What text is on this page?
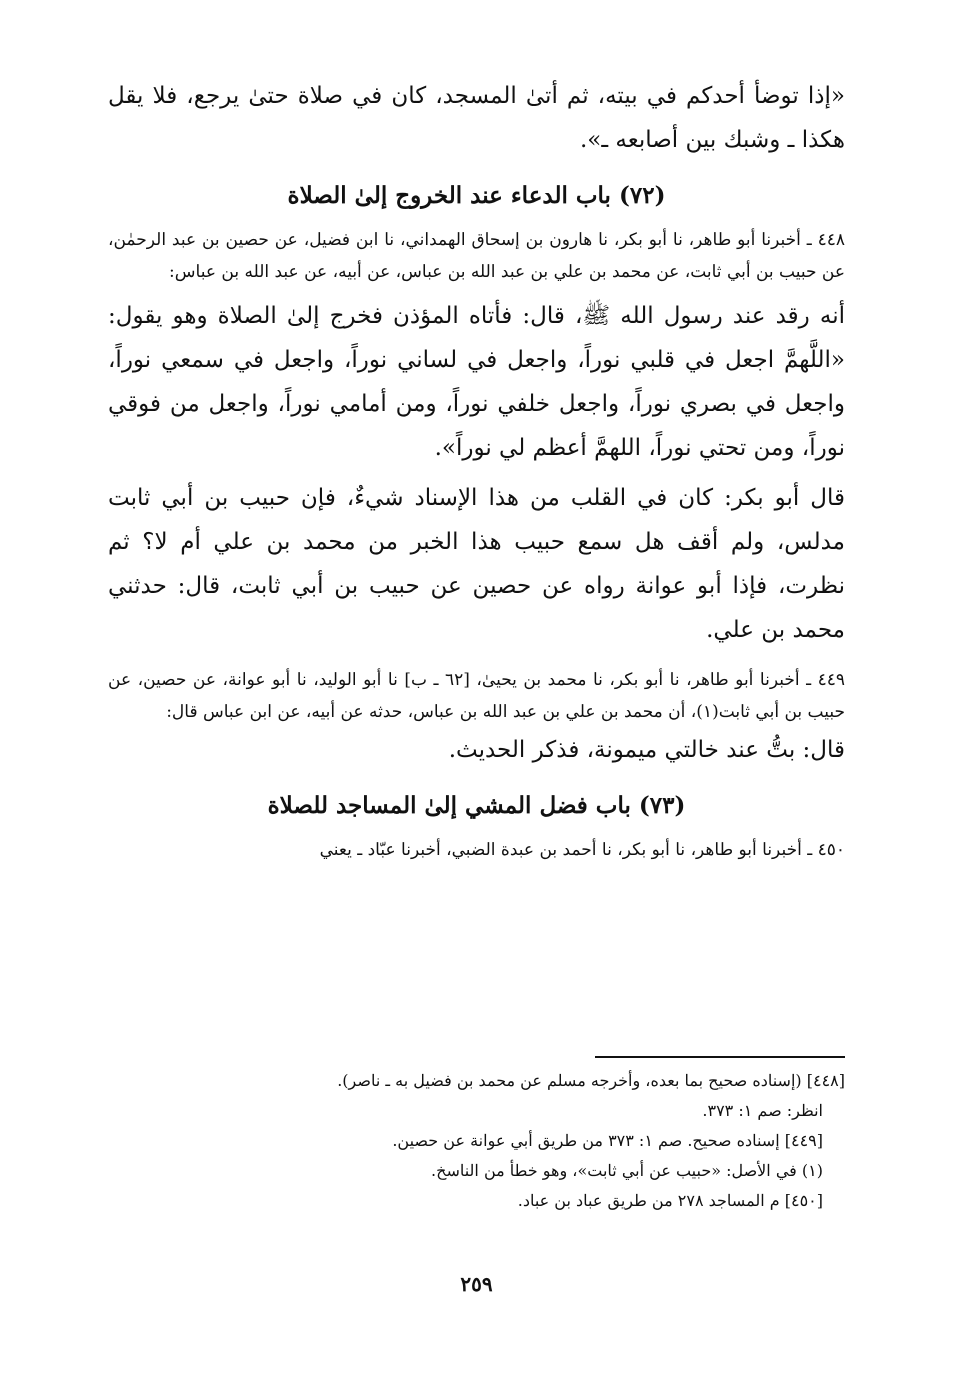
«إذا توضأ أحدكم في بيته، ثم أتىٰ المسجد، كان في صلاة حتىٰ يرجع، فلا يقل هكذا ـ وشبك بين أصابعه ـ».

(٧٢) باب الدعاء عند الخروج إلىٰ الصلاة

٤٤٨ ـ أخبرنا أبو طاهر، نا أبو بكر، نا هارون بن إسحاق الهمداني، نا ابن فضيل، عن حصين بن عبد الرحمٰن، عن حبيب بن أبي ثابت، عن محمد بن علي بن عبد الله بن عباس، عن أبيه، عن عبد الله بن عباس:

أنه رقد عند رسول الله ﷺ، قال: فأتاه المؤذن فخرج إلىٰ الصلاة وهو يقول: «اللَّهمَّ اجعل في قلبي نوراً، واجعل في لساني نوراً، واجعل في سمعي نوراً، واجعل في بصري نوراً، واجعل خلفي نوراً، ومن أمامي نوراً، واجعل من فوقي نوراً، ومن تحتي نوراً، اللهمَّ أعظم لي نوراً».

قال أبو بكر: كان في القلب من هذا الإسناد شيءٌ، فإن حبيب بن أبي ثابت مدلس، ولم أقف هل سمع حبيب هذا الخبر من محمد بن علي أم لا؟ ثم نظرت، فإذا أبو عوانة رواه عن حصين عن حبيب بن أبي ثابت، قال: حدثني محمد بن علي.

٤٤٩ ـ أخبرنا أبو طاهر، نا أبو بكر، نا محمد بن يحيىٰ، [٦٢ ـ ب] نا أبو الوليد، نا أبو عوانة، عن حصين، عن حبيب بن أبي ثابت(١)، أن محمد بن علي بن عبد الله بن عباس، حدثه عن أبيه، عن ابن عباس قال:

قال: بتُّ عند خالتي ميمونة، فذكر الحديث.

(٧٣) باب فضل المشي إلىٰ المساجد للصلاة

٤٥٠ ـ أخبرنا أبو طاهر، نا أبو بكر، نا أحمد بن عبدة الضبي، أخبرنا عبّاد ـ يعني

[٤٤٨] (إسناده صحيح بما بعده، وأخرجه مسلم عن محمد بن فضيل به ـ ناصر).

انظر: صم ١: ٣٧٣.

[٤٤٩] إسناده صحيح. صم ١: ٣٧٣ من طريق أبي عوانة عن حصين.

(١) في الأصل: «حبيب عن أبي ثابت»، وهو خطأ من الناسخ.

[٤٥٠] م المساجد ٢٧٨ من طريق عباد بن عباد.

٢٥٩
